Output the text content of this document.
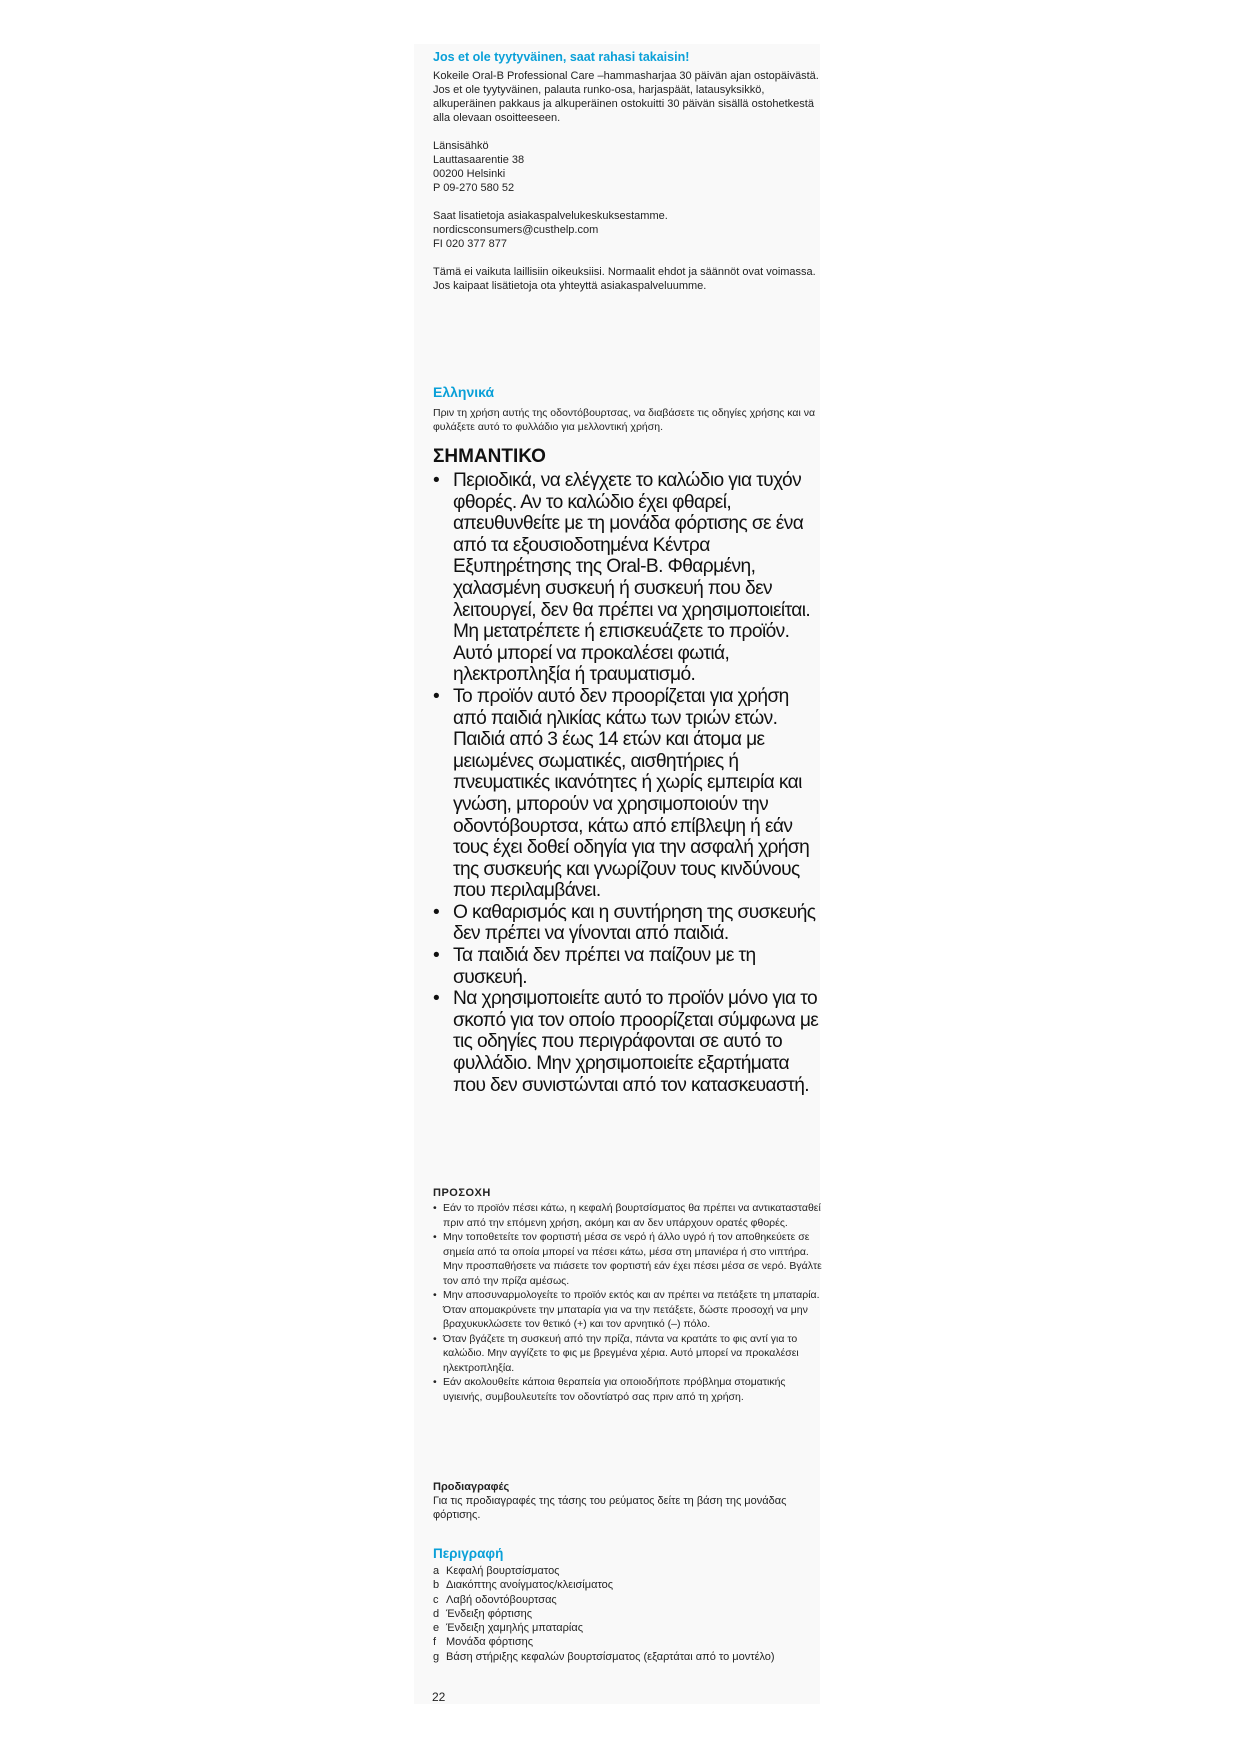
Jos et ole tyytyväinen, saat rahasi takaisin!

Kokeile Oral-B Professional Care –hammasharjaa 30 päivän ajan ostopäivästä. Jos et ole tyytyväinen, palauta runko-osa, harjaspäät, latausyksikkö, alkuperäinen pakkaus ja alkuperäinen ostokuitti 30 päivän sisällä ostohetkestä alla olevaan osoitteeseen.

Länsisähkö

Lauttasaarentie 38

00200 Helsinki

P 09-270 580 52

Saat lisatietoja asiakaspalvelukeskuksestamme.

nordicsconsumers@custhelp.com

FI 020 377 877

Tämä ei vaikuta laillisiin oikeuksiisi. Normaalit ehdot ja säännöt ovat voimassa. Jos kaipaat lisätietoja ota yhteyttä asiakaspalveluumme.

Ελληνικά

Πριν τη χρήση αυτής της οδοντόβουρτσας, να διαβάσετε τις οδηγίες χρήσης και να φυλάξετε αυτό το φυλλάδιο για μελλοντική χρήση.

ΣΗΜΑΝΤΙΚΟ

• Περιοδικά, να ελέγχετε το καλώδιο για τυχόν φθορές. Αν το καλώδιο έχει φθαρεί, απευθυνθείτε με τη μονάδα φόρτισης σε ένα από τα εξουσιοδοτημένα Κέντρα Εξυπηρέτησης της Oral-B. Φθαρμένη, χαλασμένη συσκευή ή συσκευή που δεν λειτουργεί, δεν θα πρέπει να χρησιμοποιείται. Μη μετατρέπετε ή επισκευάζετε το προϊόν. Αυτό μπορεί να προκαλέσει φωτιά, ηλεκτροπληξία ή τραυματισμό.
• Το προϊόν αυτό δεν προορίζεται για χρήση από παιδιά ηλικίας κάτω των τριών ετών. Παιδιά από 3 έως 14 ετών και άτομα με μειωμένες σωματικές, αισθητήριες ή πνευματικές ικανότητες ή χωρίς εμπειρία και γνώση, μπορούν να χρησιμοποιούν την οδοντόβουρτσα, κάτω από επίβλεψη ή εάν τους έχει δοθεί οδηγία για την ασφαλή χρήση της συσκευής και γνωρίζουν τους κινδύνους που περιλαμβάνει.
• Ο καθαρισμός και η συντήρηση της συσκευής δεν πρέπει να γίνονται από παιδιά.
• Τα παιδιά δεν πρέπει να παίζουν με τη συσκευή.
• Να χρησιμοποιείτε αυτό το προϊόν μόνο για το σκοπό για τον οποίο προορίζεται σύμφωνα με τις οδηγίες που περιγράφονται σε αυτό το φυλλάδιο. Μην χρησιμοποιείτε εξαρτήματα που δεν συνιστώνται από τον κατασκευαστή.

ΠΡΟΣΟΧΗ

• Εάν το προϊόν πέσει κάτω, η κεφαλή βουρτσίσματος θα πρέπει να αντικατασταθεί πριν από την επόμενη χρήση, ακόμη και αν δεν υπάρχουν ορατές φθορές.
• Μην τοποθετείτε τον φορτιστή μέσα σε νερό ή άλλο υγρό ή τον αποθηκεύετε σε σημεία από τα οποία μπορεί να πέσει κάτω, μέσα στη μπανιέρα ή στο νιπτήρα. Μην προσπαθήσετε να πιάσετε τον φορτιστή εάν έχει πέσει μέσα σε νερό. Βγάλτε τον από την πρίζα αμέσως.
• Μην αποσυναρμολογείτε το προϊόν εκτός και αν πρέπει να πετάξετε τη μπαταρία. Όταν απομακρύνετε την μπαταρία για να την πετάξετε, δώστε προσοχή να μην βραχυκυκλώσετε τον θετικό (+) και τον αρνητικό (–) πόλο.
• Όταν βγάζετε τη συσκευή από την πρίζα, πάντα να κρατάτε το φις αντί για το καλώδιο. Μην αγγίζετε το φις με βρεγμένα χέρια. Αυτό μπορεί να προκαλέσει ηλεκτροπληξία.
• Εάν ακολουθείτε κάποια θεραπεία για οποιοδήποτε πρόβλημα στοματικής υγιεινής, συμβουλευτείτε τον οδοντίατρό σας πριν από τη χρήση.

Προδιαγραφές

Για τις προδιαγραφές της τάσης του ρεύματος δείτε τη βάση της μονάδας φόρτισης.

Περιγραφή

a Κεφαλή βουρτσίσματος
b Διακόπτης ανοίγματος/κλεισίματος
c Λαβή οδοντόβουρτσας
d Ένδειξη φόρτισης
e Ένδειξη χαμηλής μπαταρίας
f Μονάδα φόρτισης
g Βάση στήριξης κεφαλών βουρτσίσματος (εξαρτάται από το μοντέλο)
22
